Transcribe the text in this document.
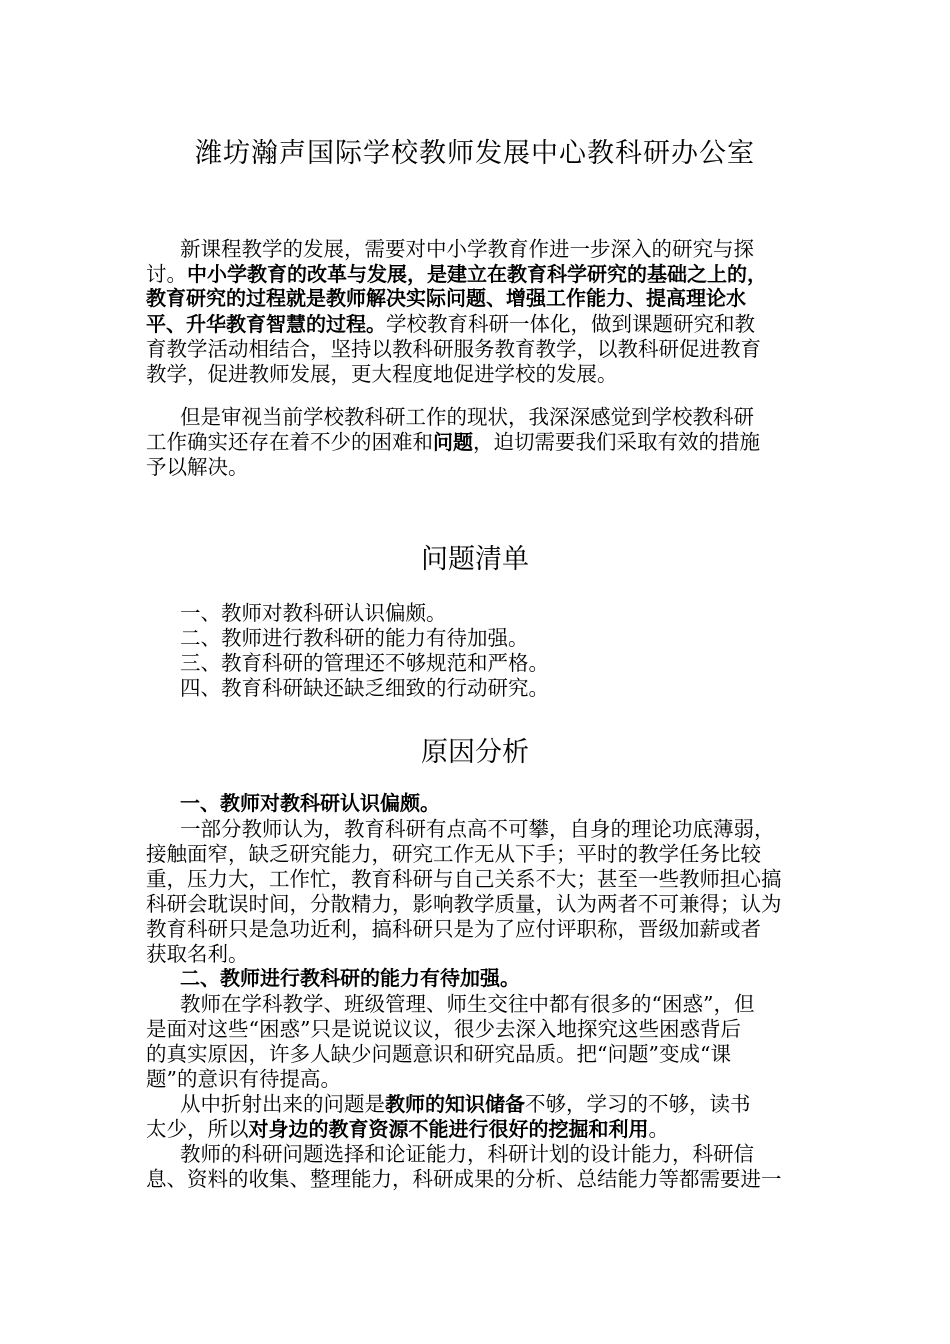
潍坊瀚声国际学校教师发展中心教科研办公室
新课程教学的发展，需要对中小学教育作进一步深入的研究与探
讨。中小学教育的改革与发展，是建立在教育科学研究的基础之上的，
教育研究的过程就是教师解决实际问题、增强工作能力、提高理论水
平、升华教育智慧的过程。学校教育科研一体化，做到课题研究和教
育教学活动相结合，坚持以教科研服务教育教学，以教科研促进教育
教学，促进教师发展，更大程度地促进学校的发展。
但是审视当前学校教科研工作的现状，我深深感觉到学校教科研
工作确实还存在着不少的困难和问题，迫切需要我们采取有效的措施
予以解决。
问题清单
一、教师对教科研认识偏颇。
二、教师进行教科研的能力有待加强。
三、教育科研的管理还不够规范和严格。
四、教育科研缺还缺乏细致的行动研究。
原因分析
一、教师对教科研认识偏颇。
一部分教师认为，教育科研有点高不可攀，自身的理论功底薄弱，
接触面窄，缺乏研究能力，研究工作无从下手；平时的教学任务比较
重，压力大，工作忙，教育科研与自己关系不大；甚至一些教师担心搞
科研会耽误时间，分散精力，影响教学质量，认为两者不可兼得；认为
教育科研只是急功近利，搞科研只是为了应付评职称，晋级加薪或者
获取名利。
二、教师进行教科研的能力有待加强。
教师在学科教学、班级管理、师生交往中都有很多的“困惑”，但
是面对这些“困惑”只是说说议议，很少去深入地探究这些困惑背后
的真实原因，许多人缺少问题意识和研究品质。把“问题”变成“课
题”的意识有待提高。
从中折射出来的问题是教师的知识储备不够，学习的不够，读书
太少，所以对身边的教育资源不能进行很好的挖掘和利用。
教师的科研问题选择和论证能力，科研计划的设计能力，科研信
息、资料的收集、整理能力，科研成果的分析、总结能力等都需要进一
